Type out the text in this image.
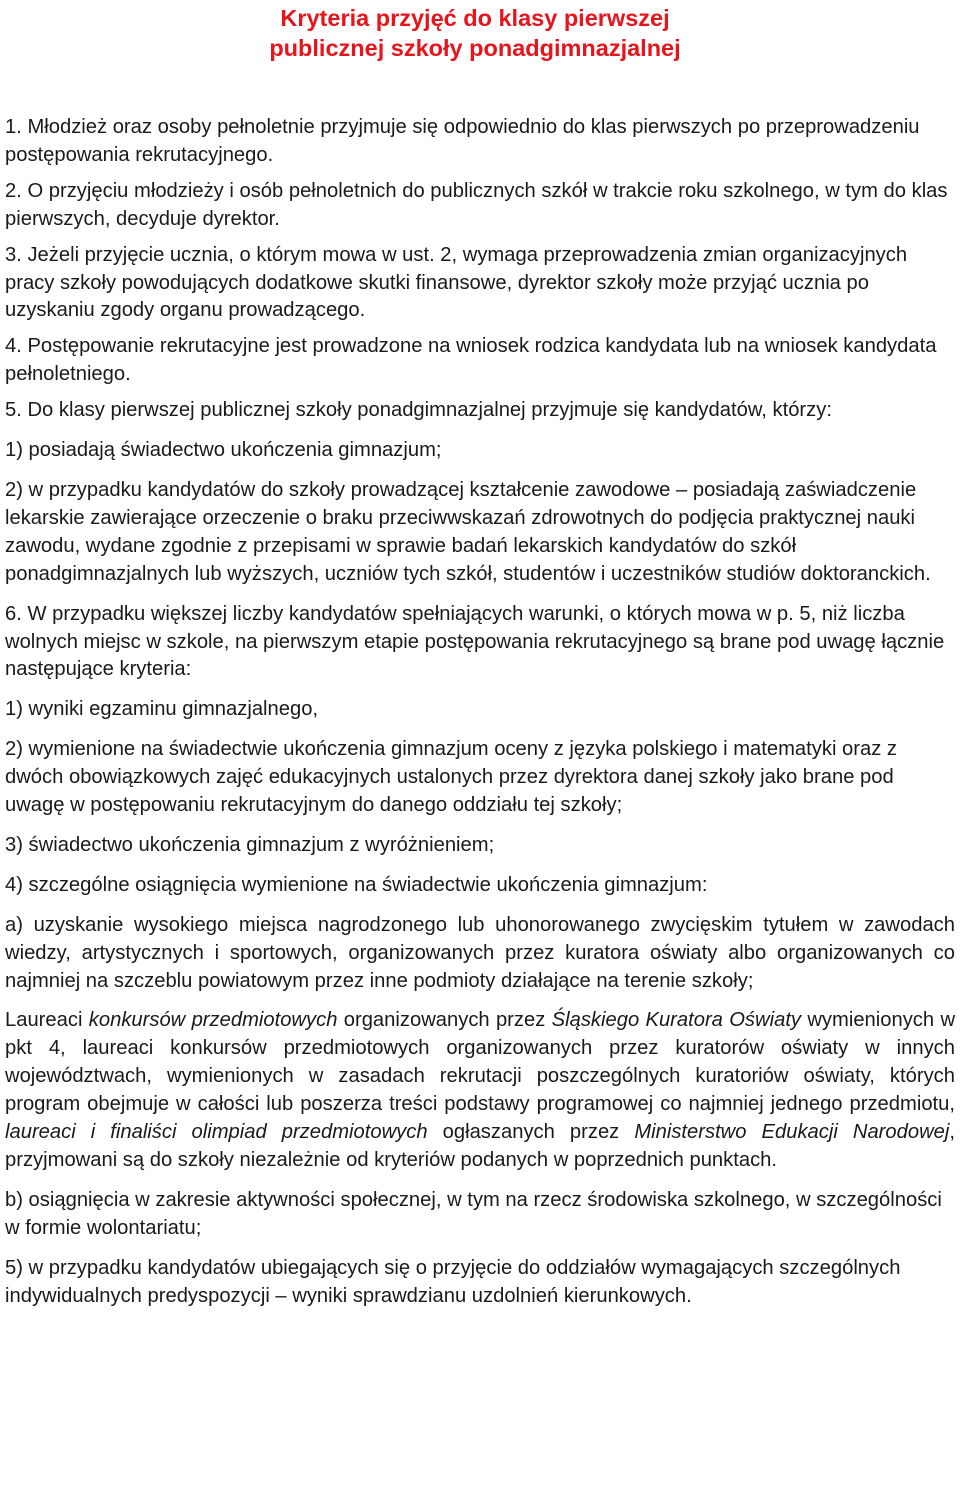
Kryteria przyjęć do klasy pierwszej
publicznej szkoły ponadgimnazjalnej

1. Młodzież oraz osoby pełnoletnie przyjmuje się odpowiednio do klas pierwszych po przeprowadzeniu postępowania rekrutacyjnego.

2. O przyjęciu młodzieży i osób pełnoletnich do publicznych szkół w trakcie roku szkolnego, w tym do klas pierwszych, decyduje dyrektor.

3. Jeżeli przyjęcie ucznia, o którym mowa w ust. 2, wymaga przeprowadzenia zmian organizacyjnych pracy szkoły powodujących dodatkowe skutki finansowe, dyrektor szkoły może przyjąć ucznia po uzyskaniu zgody organu prowadzącego.

4. Postępowanie rekrutacyjne jest prowadzone na wniosek rodzica kandydata lub na wniosek kandydata pełnoletniego.

5. Do klasy pierwszej publicznej szkoły ponadgimnazjalnej przyjmuje się kandydatów, którzy:

1) posiadają świadectwo ukończenia gimnazjum;

2) w przypadku kandydatów do szkoły prowadzącej kształcenie zawodowe – posiadają zaświadczenie lekarskie zawierające orzeczenie o braku przeciwwskazań zdrowotnych do podjęcia praktycznej nauki zawodu, wydane zgodnie z przepisami w sprawie badań lekarskich kandydatów do szkół ponadgimnazjalnych lub wyższych, uczniów tych szkół, studentów i uczestników studiów doktoranckich.

6. W przypadku większej liczby kandydatów spełniających warunki, o których mowa w p. 5, niż liczba wolnych miejsc w szkole, na pierwszym etapie postępowania rekrutacyjnego są brane pod uwagę łącznie następujące kryteria:

1) wyniki egzaminu gimnazjalnego,

2) wymienione na świadectwie ukończenia gimnazjum oceny z języka polskiego i matematyki oraz z dwóch obowiązkowych zajęć edukacyjnych ustalonych przez dyrektora danej szkoły jako brane pod uwagę w postępowaniu rekrutacyjnym do danego oddziału tej szkoły;

3) świadectwo ukończenia gimnazjum z wyróżnieniem;

4) szczególne osiągnięcia wymienione na świadectwie ukończenia gimnazjum:

a) uzyskanie wysokiego miejsca nagrodzonego lub uhonorowanego zwycięskim tytułem w zawodach wiedzy, artystycznych i sportowych, organizowanych przez kuratora oświaty albo organizowanych co najmniej na szczeblu powiatowym przez inne podmioty działające na terenie szkoły;

Laureaci konkursów przedmiotowych organizowanych przez Śląskiego Kuratora Oświaty wymienionych w pkt 4, laureaci konkursów przedmiotowych organizowanych przez kuratorów oświaty w innych województwach, wymienionych w zasadach rekrutacji poszczególnych kuratoriów oświaty, których program obejmuje w całości lub poszerza treści podstawy programowej co najmniej jednego przedmiotu, laureaci i finaliści olimpiad przedmiotowych ogłaszanych przez Ministerstwo Edukacji Narodowej, przyjmowani są do szkoły niezależnie od kryteriów podanych w poprzednich punktach.

b) osiągnięcia w zakresie aktywności społecznej, w tym na rzecz środowiska szkolnego, w szczególności w formie wolontariatu;

5) w przypadku kandydatów ubiegających się o przyjęcie do oddziałów wymagających szczególnych indywidualnych predyspozycji – wyniki sprawdzianu uzdolnień kierunkowych.
